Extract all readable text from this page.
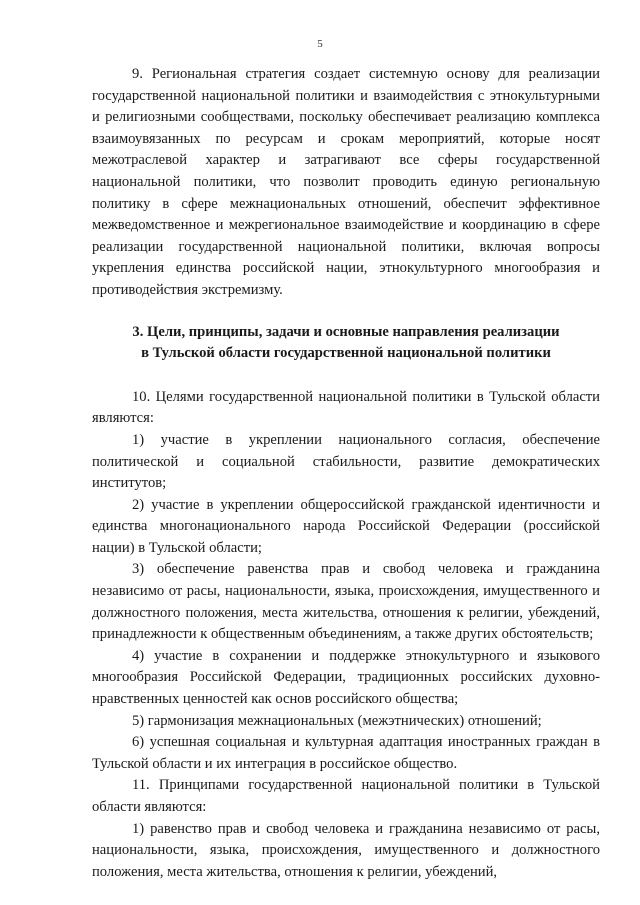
5

9. Региональная стратегия создает системную основу для реализации государственной национальной политики и взаимодействия с этнокультурными и религиозными сообществами, поскольку обеспечивает реализацию комплекса взаимоувязанных по ресурсам и срокам мероприятий, которые носят межотраслевой характер и затрагивают все сферы государственной национальной политики, что позволит проводить единую региональную политику в сфере межнациональных отношений, обеспечит эффективное межведомственное и межрегиональное взаимодействие и координацию в сфере реализации государственной национальной политики, включая вопросы укрепления единства российской нации, этнокультурного многообразия и противодействия экстремизму.

3. Цели, принципы, задачи и основные направления реализации

в Тульской области государственной национальной политики

10. Целями государственной национальной политики в Тульской области являются:

1) участие в укреплении национального согласия, обеспечение политической и социальной стабильности, развитие демократических институтов;

2) участие в укреплении общероссийской гражданской идентичности и единства многонационального народа Российской Федерации (российской нации) в Тульской области;

3) обеспечение равенства прав и свобод человека и гражданина независимо от расы, национальности, языка, происхождения, имущественного и должностного положения, места жительства, отношения к религии, убеждений, принадлежности к общественным объединениям, а также других обстоятельств;

4) участие в сохранении и поддержке этнокультурного и языкового многообразия Российской Федерации, традиционных российских духовно-нравственных ценностей как основ российского общества;

5) гармонизация межнациональных (межэтнических) отношений;

6) успешная социальная и культурная адаптация иностранных граждан в Тульской области и их интеграция в российское общество.

11. Принципами государственной национальной политики в Тульской области являются:

1) равенство прав и свобод человека и гражданина независимо от расы, национальности, языка, происхождения, имущественного и должностного положения, места жительства, отношения к религии, убеждений,
